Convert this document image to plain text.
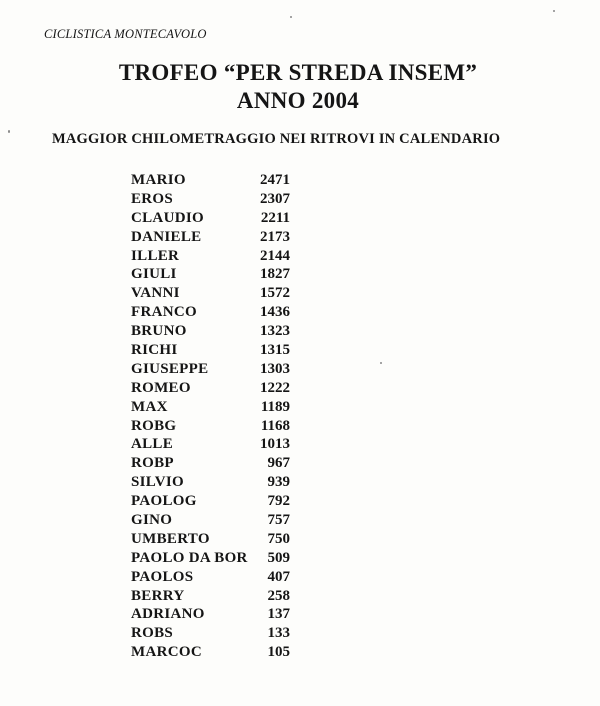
CICLISTICA MONTECAVOLO
TROFEO “PER STREDA INSEM”
ANNO 2004
MAGGIOR CHILOMETRAGGIO NEI RITROVI IN CALENDARIO
MARIO	2471
EROS	2307
CLAUDIO	2211
DANIELE	2173
ILLER	2144
GIULI	1827
VANNI	1572
FRANCO	1436
BRUNO	1323
RICHI	1315
GIUSEPPE	1303
ROMEO	1222
MAX	1189
ROBG	1168
ALLE	1013
ROBP	967
SILVIO	939
PAOLOG	792
GINO	757
UMBERTO	750
PAOLO DA BOR 509
PAOLOS	407
BERRY	258
ADRIANO	137
ROBS	133
MARCOC	105
